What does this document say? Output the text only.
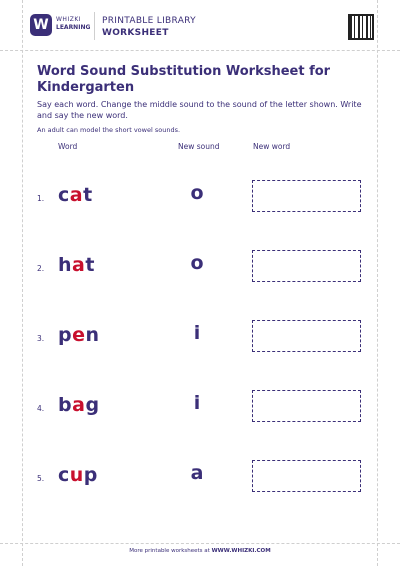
W	WHIZKI
LEARNING
PRINTABLE LIBRARY
WORKSHEET
Word Sound Substitution Worksheet for Kindergarten

Say each word. Change the middle sound to the sound of the letter shown. Write and say the new word.

An adult can model the short vowel sounds.

Word	New sound	New word
1. cat	o
2. hat	o
3. pen	i
4. bag	i
5. cup	a
More printable worksheets at WWW.WHIZKI.COM
